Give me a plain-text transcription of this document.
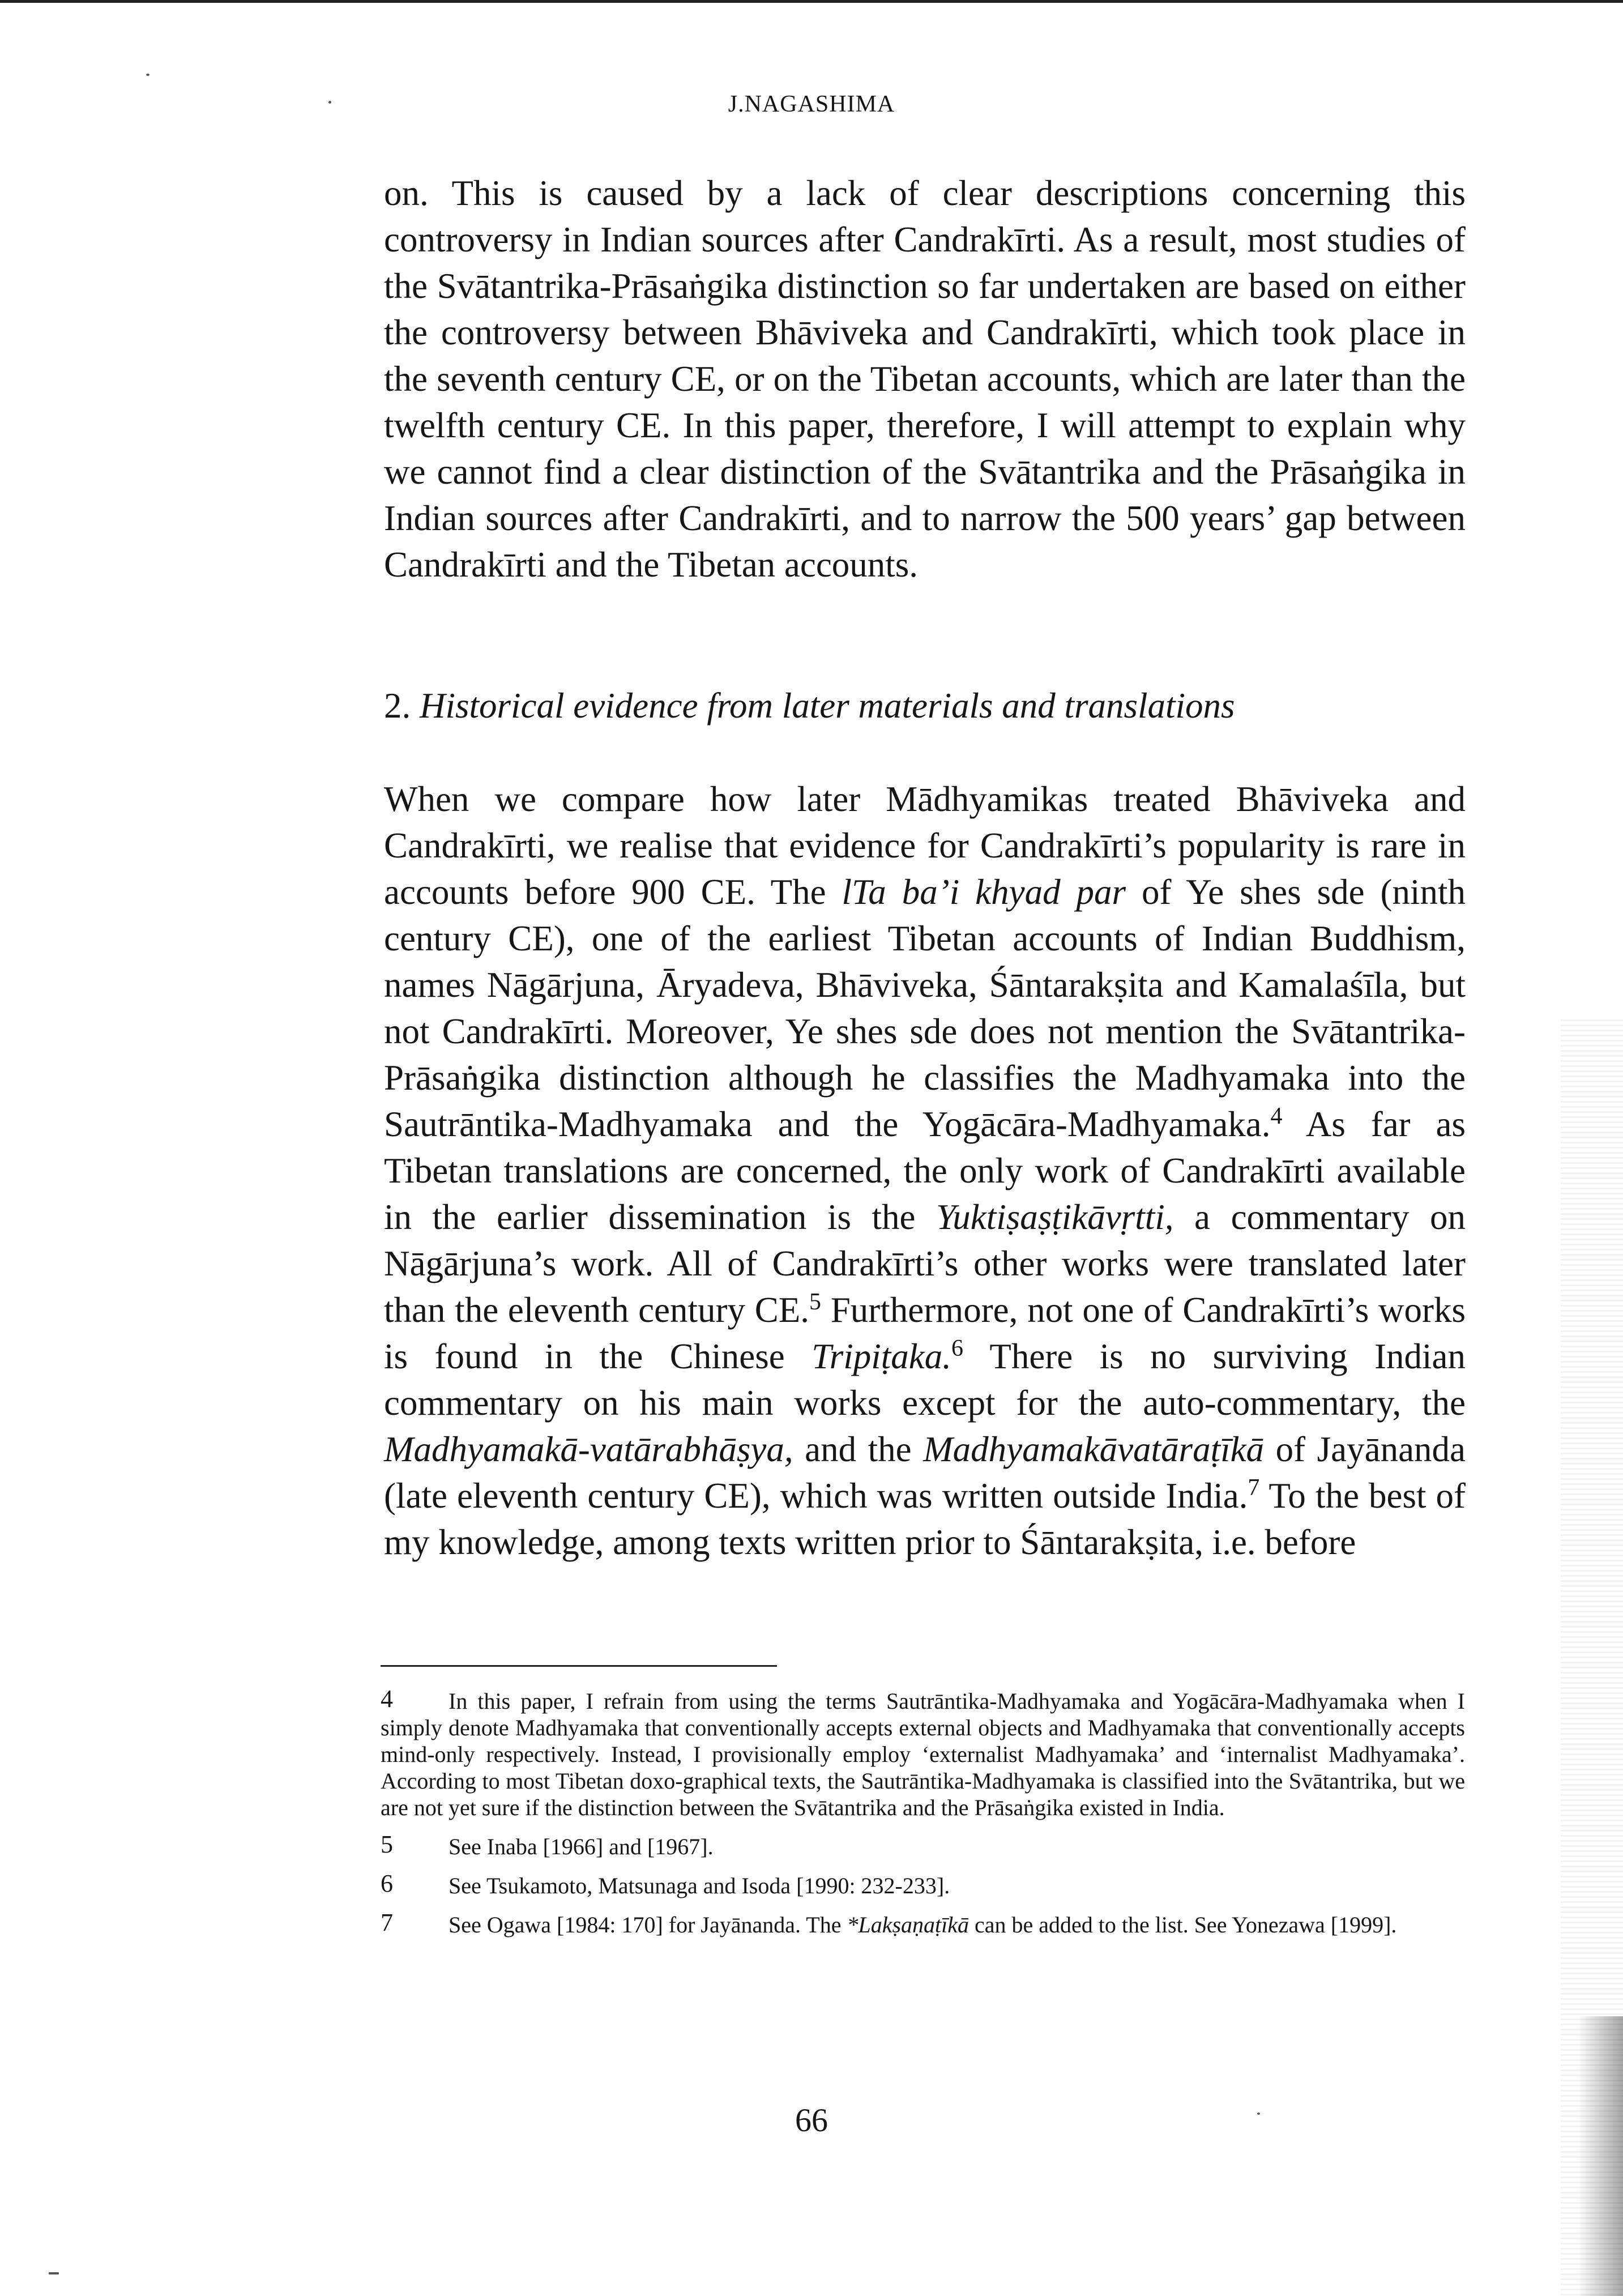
J.NAGASHIMA

on. This is caused by a lack of clear descriptions concerning this controversy in Indian sources after Candrakīrti. As a result, most studies of the Svātantrika-Prāsaṅgika distinction so far undertaken are based on either the controversy between Bhāviveka and Candrakīrti, which took place in the seventh century CE, or on the Tibetan accounts, which are later than the twelfth century CE. In this paper, therefore, I will attempt to explain why we cannot find a clear distinction of the Svātantrika and the Prāsaṅgika in Indian sources after Candrakīrti, and to narrow the 500 years’ gap between Candrakīrti and the Tibetan accounts.

2. Historical evidence from later materials and translations
When we compare how later Mādhyamikas treated Bhāviveka and Candrakīrti, we realise that evidence for Candrakīrti’s popularity is rare in accounts before 900 CE. The lTa ba’i khyad par of Ye shes sde (ninth century CE), one of the earliest Tibetan accounts of Indian Buddhism, names Nāgārjuna, Āryadeva, Bhāviveka, Śāntarakṣita and Kamalaśīla, but not Candrakīrti. Moreover, Ye shes sde does not mention the Svātantrika-Prāsaṅgika distinction although he classifies the Madhyamaka into the Sautrāntika-Madhyamaka and the Yogācāra-Madhyamaka.$^4$ As far as Tibetan translations are concerned, the only work of Candrakīrti available in the earlier dissemination is the Yuktiṣaṣṭikāvṛtti, a commentary on Nāgārjuna’s work. All of Candrakīrti’s other works were translated later than the eleventh century CE.$^5$ Furthermore, not one of Candrakīrti’s works is found in the Chinese Tripiṭaka.$^6$ There is no surviving Indian commentary on his main works except for the auto-commentary, the Madhyamakā-vatārabhāṣya, and the Madhyamakāvatāraṭīkā of Jayānanda (late eleventh century CE), which was written outside India.$^7$ To the best of my knowledge, among texts written prior to Śāntarakṣita, i.e. before
4	In this paper, I refrain from using the terms Sautrāntika-Madhyamaka and Yogācāra-Madhyamaka when I simply denote Madhyamaka that conventionally accepts external objects and Madhyamaka that conventionally accepts mind-only respectively. Instead, I provisionally employ ‘externalist Madhyamaka’ and ‘internalist Madhyamaka’. According to most Tibetan doxo-graphical texts, the Sautrāntika-Madhyamaka is classified into the Svātantrika, but we are not yet sure if the distinction between the Svātantrika and the Prāsaṅgika existed in India.
5	See Inaba [1966] and [1967].
6	See Tsukamoto, Matsunaga and Isoda [1990: 232-233].
7	See Ogawa [1984: 170] for Jayānanda. The *Lakṣaṇaṭīkā can be added to the list. See Yonezawa [1999].
66
